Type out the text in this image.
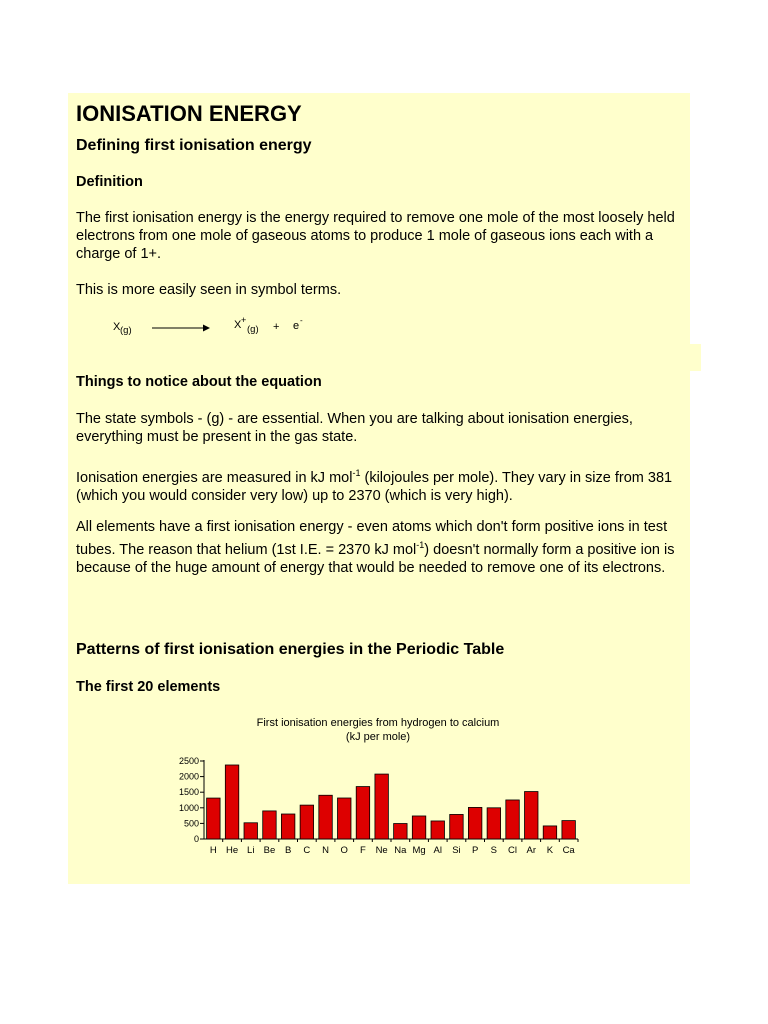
IONISATION ENERGY
Defining first ionisation energy
Definition

The first ionisation energy is the energy required to remove one mole of the most loosely held electrons from one mole of gaseous atoms to produce 1 mole of gaseous ions each with a charge of 1+.

This is more easily seen in symbol terms.

X (g)	X +
(g) + e -
Things to notice about the equation

The state symbols - (g) - are essential. When you are talking about ionisation energies, everything must be present in the gas state.

Ionisation energies are measured in kJ mol$^{-1}$ (kilojoules per mole). They vary in size from 381 (which you would consider very low) up to 2370 (which is very high).

All elements have a first ionisation energy - even atoms which don't form positive ions in test tubes. The reason that helium (1st I.E. = 2370 kJ mol$^{-1}$) doesn't normally form a positive ion is because of the huge amount of energy that would be needed to remove one of its electrons.

Patterns of first ionisation energies in the Periodic Table
The first 20 elements
First ionisation energies from hydrogen to calcium
(kJ per mole)
2500
2000
1500
1000
500
0
H He Li Be B C N O F Ne Na Mg Al Si P S Cl Ar K Ca
